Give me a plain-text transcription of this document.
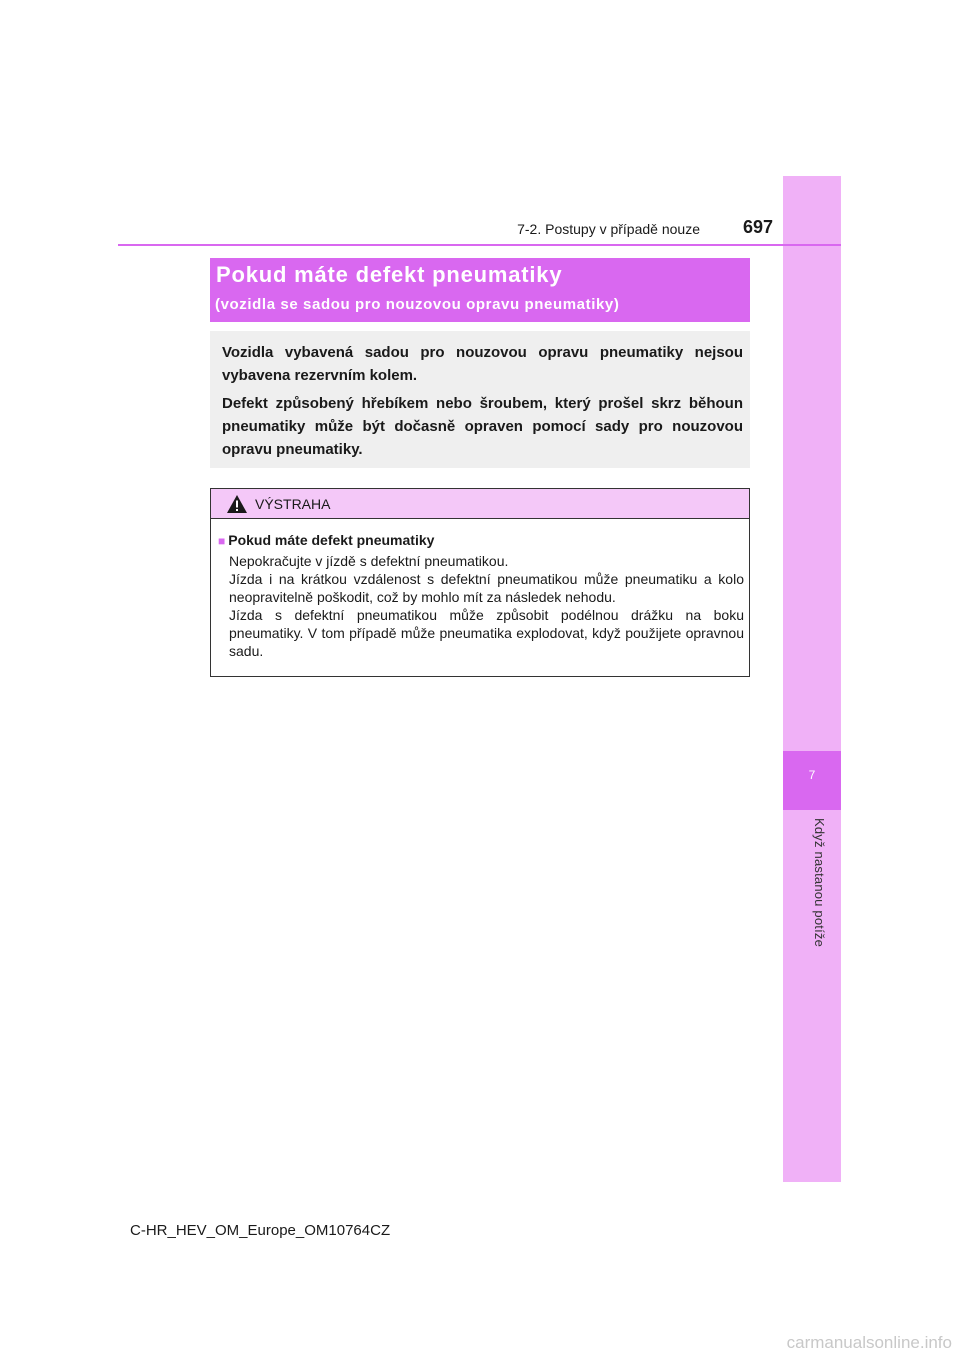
7
Když nastanou potíže
7-2. Postupy v případě nouze	697
Pokud máte defekt pneumatiky
(vozidla se sadou pro nouzovou opravu pneumatiky)

Vozidla vybavená sadou pro nouzovou opravu pneumatiky nejsou vybavena rezervním kolem.

Defekt způsobený hřebíkem nebo šroubem, který prošel skrz běhoun pneumatiky může být dočasně opraven pomocí sady pro nouzovou opravu pneumatiky.

VÝSTRAHA
■ Pokud máte defekt pneumatiky

Nepokračujte v jízdě s defektní pneumatikou.

Jízda i na krátkou vzdálenost s defektní pneumatikou může pneumatiku a kolo neopravitelně poškodit, což by mohlo mít za následek nehodu.

Jízda s defektní pneumatikou může způsobit podélnou drážku na boku pneumatiky. V tom případě může pneumatika explodovat, když použijete opravnou sadu.

C-HR_HEV_OM_Europe_OM10764CZ
carmanualsonline.info
